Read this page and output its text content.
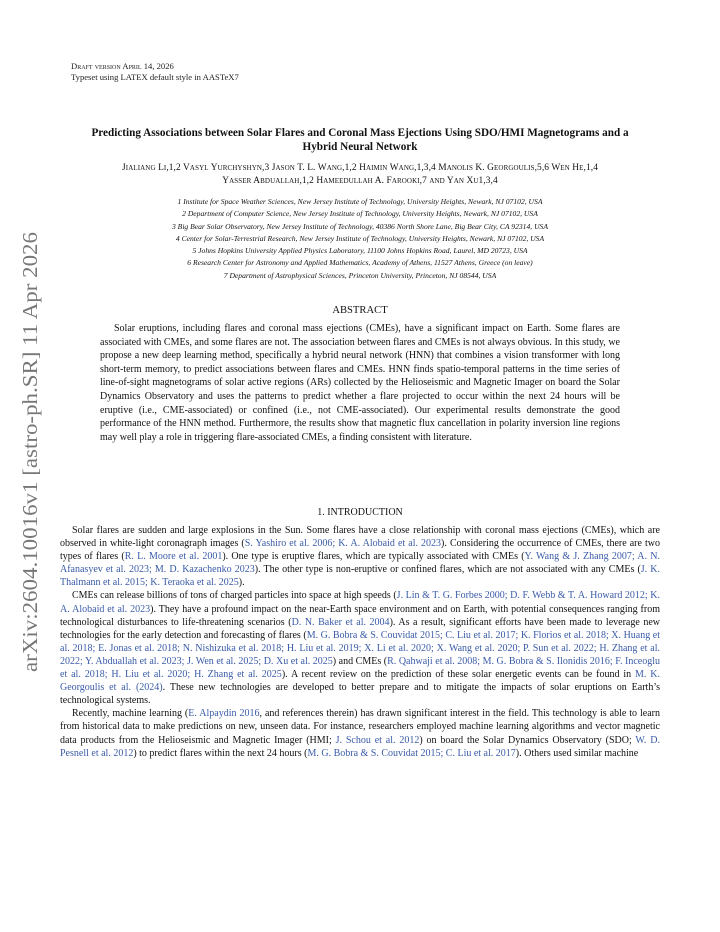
arXiv:2604.10016v1 [astro-ph.SR] 11 Apr 2026
Draft version April 14, 2026
Typeset using LATEX default style in AASTeX7
Predicting Associations between Solar Flares and Coronal Mass Ejections Using SDO/HMI Magnetograms and a Hybrid Neural Network
Jialiang Li,1,2 Vasyl Yurchyshyn,3 Jason T. L. Wang,1,2 Haimin Wang,1,3,4 Manolis K. Georgoulis,5,6 Wen He,1,4
Yasser Abduallah,1,2 Hameedullah A. Farooki,7 and Yan Xu1,3,4
1 Institute for Space Weather Sciences, New Jersey Institute of Technology, University Heights, Newark, NJ 07102, USA
2 Department of Computer Science, New Jersey Institute of Technology, University Heights, Newark, NJ 07102, USA
3 Big Bear Solar Observatory, New Jersey Institute of Technology, 40386 North Shore Lane, Big Bear City, CA 92314, USA
4 Center for Solar-Terrestrial Research, New Jersey Institute of Technology, University Heights, Newark, NJ 07102, USA
5 Johns Hopkins University Applied Physics Laboratory, 11100 Johns Hopkins Road, Laurel, MD 20723, USA
6 Research Center for Astronomy and Applied Mathematics, Academy of Athens, 11527 Athens, Greece (on leave)
7 Department of Astrophysical Sciences, Princeton University, Princeton, NJ 08544, USA
ABSTRACT
Solar eruptions, including flares and coronal mass ejections (CMEs), have a significant impact on Earth. Some flares are associated with CMEs, and some flares are not. The association between flares and CMEs is not always obvious. In this study, we propose a new deep learning method, specifically a hybrid neural network (HNN) that combines a vision transformer with long short-term memory, to predict associations between flares and CMEs. HNN finds spatio-temporal patterns in the time series of line-of-sight magnetograms of solar active regions (ARs) collected by the Helioseismic and Magnetic Imager on board the Solar Dynamics Observatory and uses the patterns to predict whether a flare projected to occur within the next 24 hours will be eruptive (i.e., CME-associated) or confined (i.e., not CME-associated). Our experimental results demonstrate the good performance of the HNN method. Furthermore, the results show that magnetic flux cancellation in polarity inversion line regions may well play a role in triggering flare-associated CMEs, a finding consistent with literature.
1. INTRODUCTION

Solar flares are sudden and large explosions in the Sun. Some flares have a close relationship with coronal mass ejections (CMEs), which are observed in white-light coronagraph images (S. Yashiro et al. 2006; K. A. Alobaid et al. 2023). Considering the occurrence of CMEs, there are two types of flares (R. L. Moore et al. 2001). One type is eruptive flares, which are typically associated with CMEs (Y. Wang & J. Zhang 2007; A. N. Afanasyev et al. 2023; M. D. Kazachenko 2023). The other type is non-eruptive or confined flares, which are not associated with any CMEs (J. K. Thalmann et al. 2015; K. Teraoka et al. 2025).

CMEs can release billions of tons of charged particles into space at high speeds (J. Lin & T. G. Forbes 2000; D. F. Webb & T. A. Howard 2012; K. A. Alobaid et al. 2023). They have a profound impact on the near-Earth space environment and on Earth, with potential consequences ranging from technological disturbances to life-threatening scenarios (D. N. Baker et al. 2004). As a result, significant efforts have been made to leverage new technologies for the early detection and forecasting of flares (M. G. Bobra & S. Couvidat 2015; C. Liu et al. 2017; K. Florios et al. 2018; X. Huang et al. 2018; E. Jonas et al. 2018; N. Nishizuka et al. 2018; H. Liu et al. 2019; X. Li et al. 2020; X. Wang et al. 2020; P. Sun et al. 2022; H. Zhang et al. 2022; Y. Abduallah et al. 2023; J. Wen et al. 2025; D. Xu et al. 2025) and CMEs (R. Qahwaji et al. 2008; M. G. Bobra & S. Ilonidis 2016; F. Inceoglu et al. 2018; H. Liu et al. 2020; H. Zhang et al. 2025). A recent review on the prediction of these solar energetic events can be found in M. K. Georgoulis et al. (2024). These new technologies are developed to better prepare and to mitigate the impacts of solar eruptions on Earth’s technological systems.

Recently, machine learning (E. Alpaydin 2016, and references therein) has drawn significant interest in the field. This technology is able to learn from historical data to make predictions on new, unseen data. For instance, researchers employed machine learning algorithms and vector magnetic data products from the Helioseismic and Magnetic Imager (HMI; J. Schou et al. 2012) on board the Solar Dynamics Observatory (SDO; W. D. Pesnell et al. 2012) to predict flares within the next 24 hours (M. G. Bobra & S. Couvidat 2015; C. Liu et al. 2017). Others used similar machine
